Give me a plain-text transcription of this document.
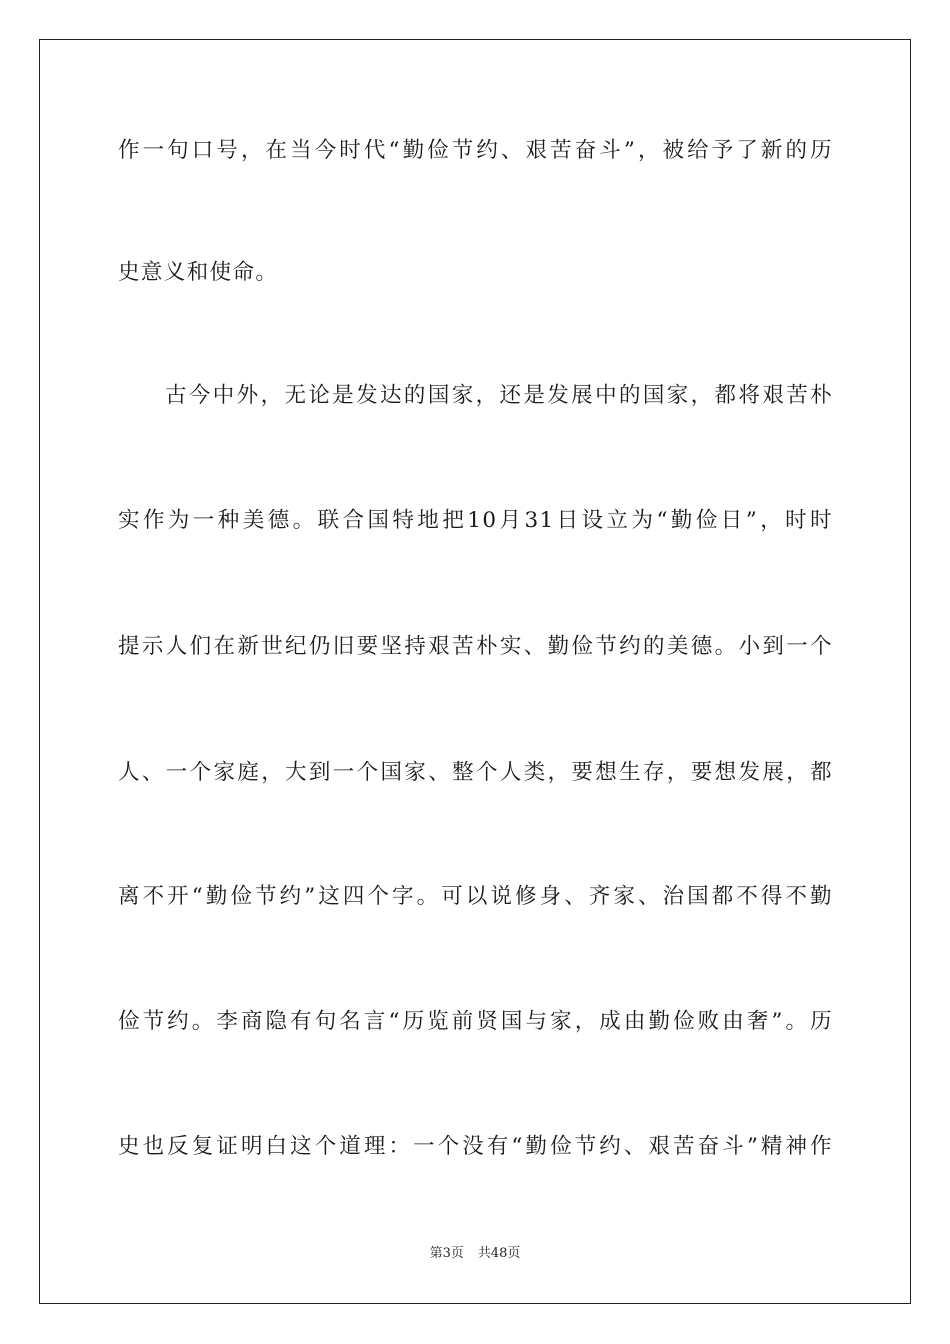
作一句口号，在当今时代“勤俭节约、艰苦奋斗”，被给予了新的历
史意义和使命。
古今中外，无论是发达的国家，还是发展中的国家，都将艰苦朴
实作为一种美德。联合国特地把10月31日设立为“勤俭日”，时时
提示人们在新世纪仍旧要坚持艰苦朴实、勤俭节约的美德。小到一个
人、一个家庭，大到一个国家、整个人类，要想生存，要想发展，都
离不开“勤俭节约”这四个字。可以说修身、齐家、治国都不得不勤
俭节约。李商隐有句名言“历览前贤国与家，成由勤俭败由奢”。历
史也反复证明白这个道理：一个没有“勤俭节约、艰苦奋斗”精神作
第3页 共48页
